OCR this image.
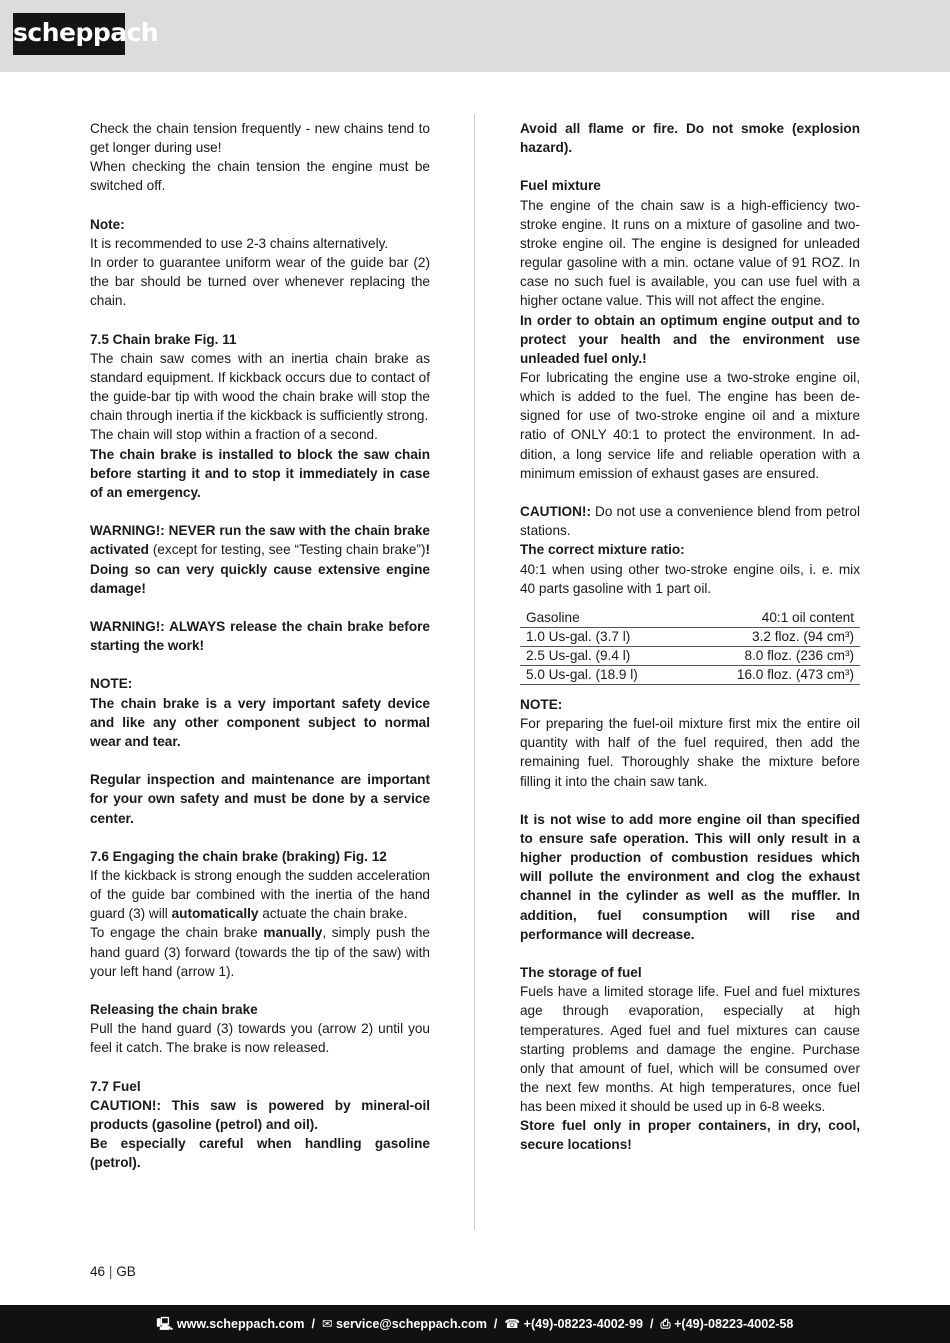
scheppach

Check the chain tension frequently - new chains tend to get longer during use!

When checking the chain tension the engine must be switched off.

Note:

It is recommended to use 2-3 chains alternatively.

In order to guarantee uniform wear of the guide bar (2) the bar should be turned over whenever replacing the chain.

7.5 Chain brake Fig. 11

The chain saw comes with an inertia chain brake as standard equipment. If kickback occurs due to contact of the guide-bar tip with wood the chain brake will stop the chain through inertia if the kickback is sufficiently strong.

The chain will stop within a fraction of a second.

The chain brake is installed to block the saw chain before starting it and to stop it immediately in case of an emergency.

WARNING!: NEVER run the saw with the chain brake activated (except for testing, see “Testing chain brake”)! Doing so can very quickly cause extensive engine damage!

WARNING!: ALWAYS release the chain brake before starting the work!

NOTE:

The chain brake is a very important safety device and like any other component subject to normal wear and tear.

Regular inspection and maintenance are important for your own safety and must be done by a service center.

7.6 Engaging the chain brake (braking) Fig. 12

If the kickback is strong enough the sudden acceleration of the guide bar combined with the inertia of the hand guard (3) will automatically actuate the chain brake.

To engage the chain brake manually, simply push the hand guard (3) forward (towards the tip of the saw) with your left hand (arrow 1).

Releasing the chain brake

Pull the hand guard (3) towards you (arrow 2) until you feel it catch. The brake is now released.

7.7 Fuel

CAUTION!: This saw is powered by mineral-oil products (gasoline (petrol) and oil).

Be especially careful when handling gasoline (petrol).

Avoid all flame or fire. Do not smoke (explosion hazard).

Fuel mixture

The engine of the chain saw is a high-efficiency two-stroke engine. It runs on a mixture of gasoline and two-stroke engine oil. The engine is designed for unleaded regular gasoline with a min. octane value of 91 ROZ. In case no such fuel is available, you can use fuel with a higher octane value. This will not affect the engine.

In order to obtain an optimum engine output and to protect your health and the environment use unleaded fuel only.!

For lubricating the engine use a two-stroke engine oil, which is added to the fuel. The engine has been designed for use of two-stroke engine oil and a mixture ratio of ONLY 40:1 to protect the environment. In addition, a long service life and reliable operation with a minimum emission of exhaust gases are ensured.

CAUTION!: Do not use a convenience blend from petrol stations.

The correct mixture ratio:

40:1 when using other two-stroke engine oils, i. e. mix 40 parts gasoline with 1 part oil.

Gasoline	40:1 oil content
1.0 Us-gal. (3.7 l)	3.2 floz. (94 cm³)
2.5 Us-gal. (9.4 l)	8.0 floz. (236 cm³)
5.0 Us-gal. (18.9 l)	16.0 floz. (473 cm³)

NOTE:

For preparing the fuel-oil mixture first mix the entire oil quantity with half of the fuel required, then add the remaining fuel. Thoroughly shake the mixture before filling it into the chain saw tank.

It is not wise to add more engine oil than specified to ensure safe operation. This will only result in a higher production of combustion residues which will pollute the environment and clog the exhaust channel in the cylinder as well as the muffler. In addition, fuel consumption will rise and performance will decrease.

The storage of fuel

Fuels have a limited storage life. Fuel and fuel mixtures age through evaporation, especially at high temperatures. Aged fuel and fuel mixtures can cause starting problems and damage the engine. Purchase only that amount of fuel, which will be consumed over the next few months. At high temperatures, once fuel has been mixed it should be used up in 6-8 weeks.

Store fuel only in proper containers, in dry, cool, secure locations!

46 | GB
🖳︎ www.scheppach.com  /  ✉︎ service@scheppach.com  /  ☎︎ +(49)-08223-4002-99  /  ⎙ +(49)-08223-4002-58
